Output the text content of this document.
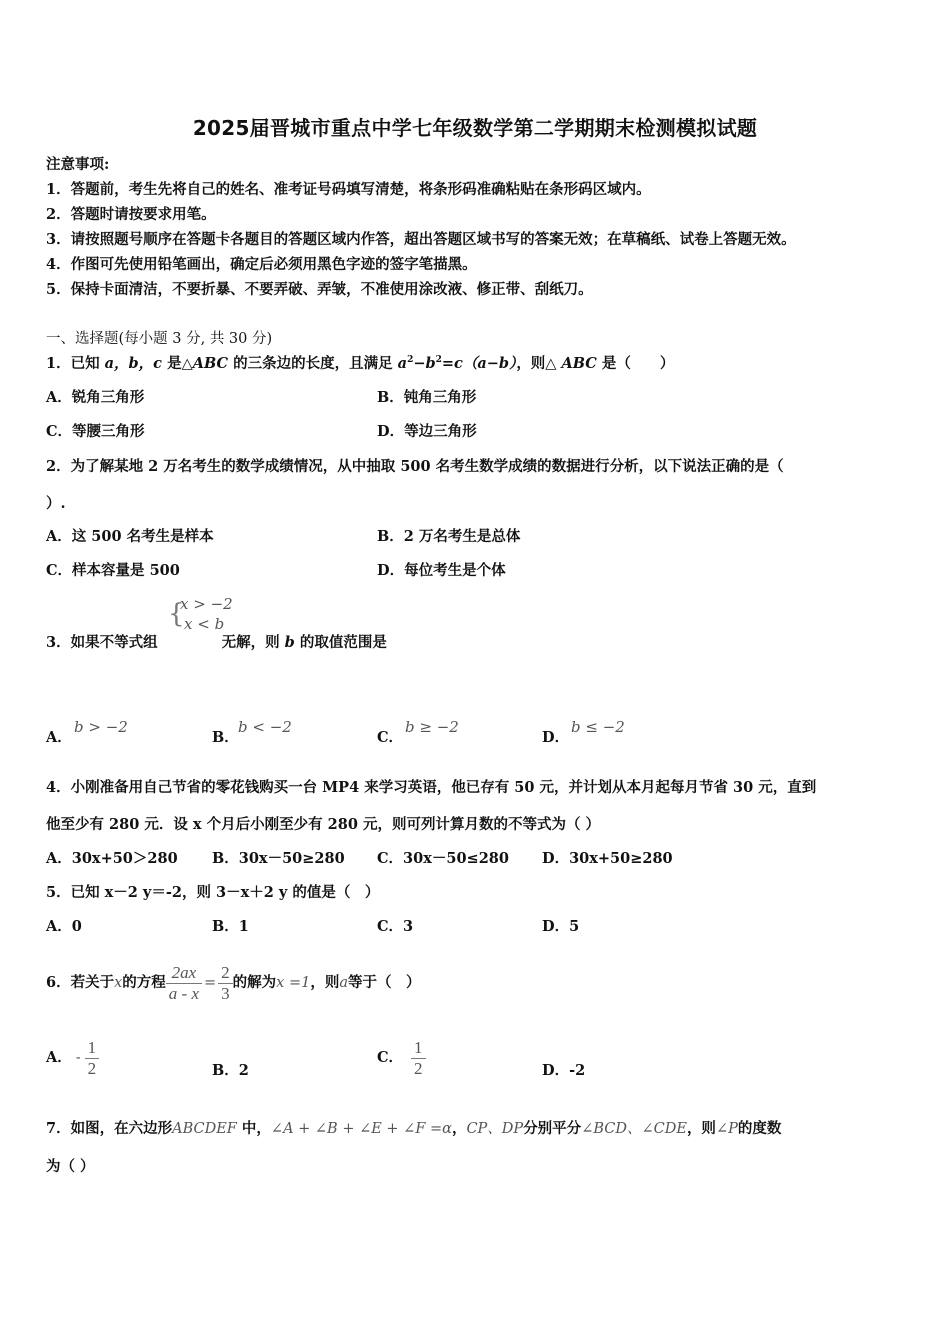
2025届晋城市重点中学七年级数学第二学期期末检测模拟试题
注意事项:
1．答题前，考生先将自己的姓名、准考证号码填写清楚，将条形码准确粘贴在条形码区域内。
2．答题时请按要求用笔。
3．请按照题号顺序在答题卡各题目的答题区域内作答，超出答题区域书写的答案无效；在草稿纸、试卷上答题无效。
4．作图可先使用铅笔画出，确定后必须用黑色字迹的签字笔描黑。
5．保持卡面清洁，不要折暴、不要弄破、弄皱，不准使用涂改液、修正带、刮纸刀。
一、选择题(每小题 3 分, 共 30 分)
1．已知 a，b，c 是△ABC 的三条边的长度，且满足 $a^2-b^2=c(a-b)$，则△ ABC 是（　　）
A．锐角三角形	B．钝角三角形
C．等腰三角形	D．等边三角形
2．为了解某地 2 万名考生的数学成绩情况，从中抽取 500 名考生数学成绩的数据进行分析，以下说法正确的是（
）.
A．这 500 名考生是样本	B．2 万名考生是总体
C．样本容量是 500	D．每位考生是个体
{
x > −2
x < b
3．如果不等式组	无解，则 b 的取值范围是
A．
b > −2
B．
b < −2
C．
b ≥ −2
D．
b ≤ −2
4．小刚准备用自己节省的零花钱购买一台 MP4 来学习英语，他已存有 50 元，并计划从本月起每月节省 30 元，直到
他至少有 280 元．设 x 个月后小刚至少有 280 元，则可列计算月数的不等式为（ ）
A．30x+50＞280 B．30x－50≥280 C．30x－50≤280 D．30x+50≥280
5．已知 x－2 y＝-2，则 3－x＋2 y 的值是（　）
A．0	B．1	C．3	D．5
6．若关于x的方程 $\frac{2ax}{a - x} = \frac{2}{3}$ 的解为x =1，则a等于（　）
A． - $\frac{1}{2}$	B．2
C． $\frac{1}{2}$	D．-2
7．如图，在六边形ABCDEF 中，∠A + ∠B + ∠E + ∠F =α，CP、DP分别平分∠BCD、∠CDE，则∠P的度数
为（ ）
